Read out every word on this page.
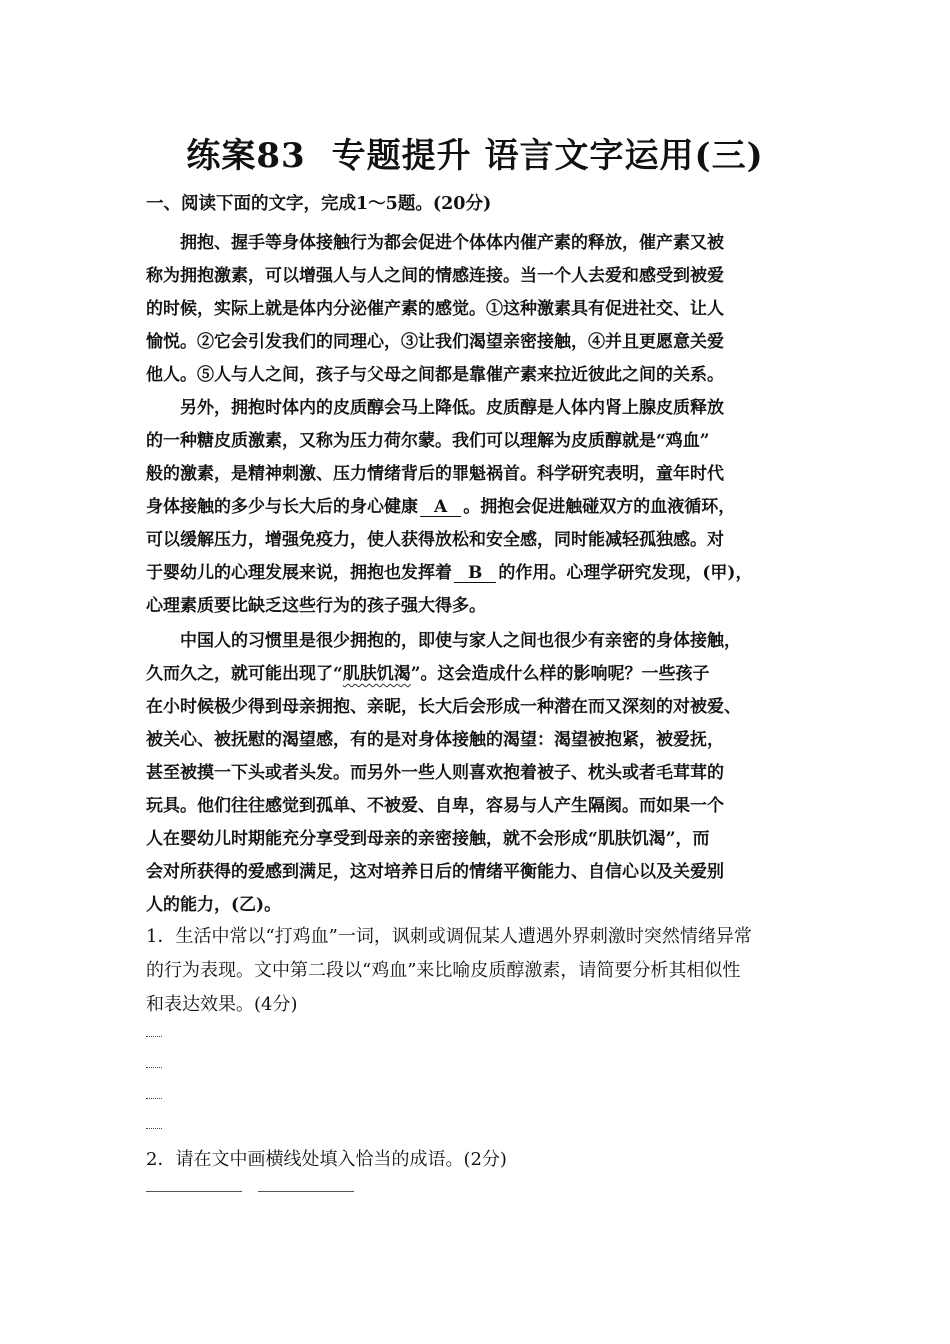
练案83 专题提升 语言文字运用(三)
一、阅读下面的文字，完成1～5题。(20分)
拥抱、握手等身体接触行为都会促进个体体内催产素的释放，催产素又被
称为拥抱激素，可以增强人与人之间的情感连接。当一个人去爱和感受到被爱
的时候，实际上就是体内分泌催产素的感觉。①这种激素具有促进社交、让人
愉悦。②它会引发我们的同理心，③让我们渴望亲密接触，④并且更愿意关爱
他人。⑤人与人之间，孩子与父母之间都是靠催产素来拉近彼此之间的关系。
另外，拥抱时体内的皮质醇会马上降低。皮质醇是人体内肾上腺皮质释放
的一种糖皮质激素，又称为压力荷尔蒙。我们可以理解为皮质醇就是“鸡血”
般的激素，是精神刺激、压力情绪背后的罪魁祸首。科学研究表明，童年时代
身体接触的多少与长大后的身心健康 A 。拥抱会促进触碰双方的血液循环，
可以缓解压力，增强免疫力，使人获得放松和安全感，同时能减轻孤独感。对
于婴幼儿的心理发展来说，拥抱也发挥着 B 的作用。心理学研究发现，(甲)，
心理素质要比缺乏这些行为的孩子强大得多。
中国人的习惯里是很少拥抱的，即使与家人之间也很少有亲密的身体接触，
久而久之，就可能出现了“肌肤饥渴”。这会造成什么样的影响呢？一些孩子
在小时候极少得到母亲拥抱、亲昵，长大后会形成一种潜在而又深刻的对被爱、
被关心、被抚慰的渴望感，有的是对身体接触的渴望：渴望被抱紧，被爱抚，
甚至被摸一下头或者头发。而另外一些人则喜欢抱着被子、枕头或者毛茸茸的
玩具。他们往往感觉到孤单、不被爱、自卑，容易与人产生隔阂。而如果一个
人在婴幼儿时期能充分享受到母亲的亲密接触，就不会形成“肌肤饥渴”，而
会对所获得的爱感到满足，这对培养日后的情绪平衡能力、自信心以及关爱别
人的能力，(乙)。
1．生活中常以“打鸡血”一词，讽刺或调侃某人遭遇外界刺激时突然情绪异常
的行为表现。文中第二段以“鸡血”来比喻皮质醇激素，请简要分析其相似性
和表达效果。(4分)
2．请在文中画横线处填入恰当的成语。(2分)
